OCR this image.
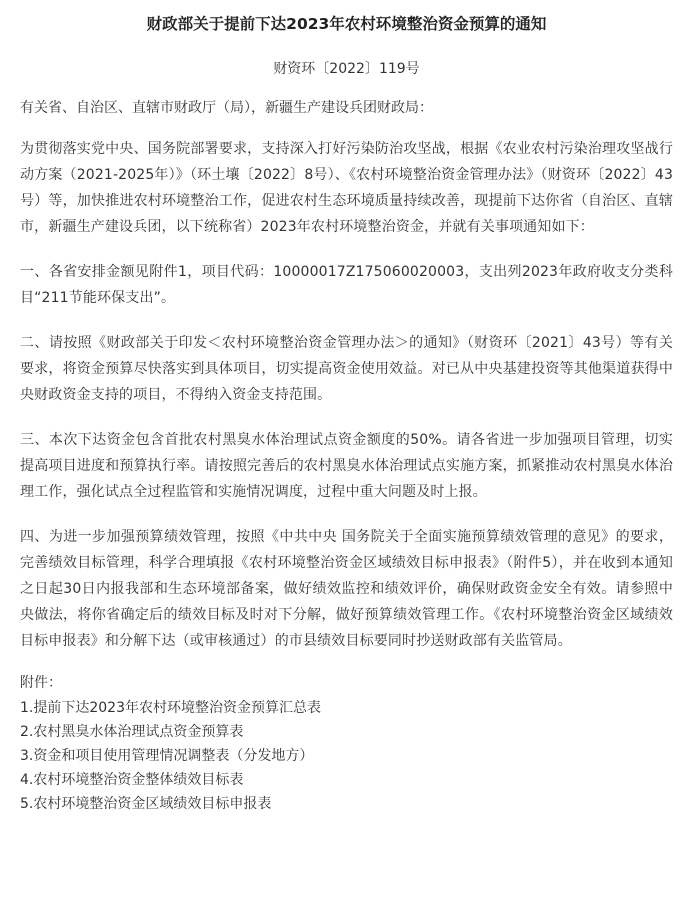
财政部关于提前下达2023年农村环境整治资金预算的通知

财资环〔2022〕119号

有关省、自治区、直辖市财政厅（局），新疆生产建设兵团财政局：

为贯彻落实党中央、国务院部署要求，支持深入打好污染防治攻坚战，根据《农业农村污染治理攻坚战行动方案（2021-2025年）》（环土壤〔2022〕8号）、《农村环境整治资金管理办法》（财资环〔2022〕43号）等，加快推进农村环境整治工作，促进农村生态环境质量持续改善，现提前下达你省（自治区、直辖市，新疆生产建设兵团，以下统称省）2023年农村环境整治资金，并就有关事项通知如下：

一、各省安排金额见附件1，项目代码：10000017Z175060020003，支出列2023年政府收支分类科目“211节能环保支出”。

二、请按照《财政部关于印发＜农村环境整治资金管理办法＞的通知》（财资环〔2021〕43号）等有关要求，将资金预算尽快落实到具体项目，切实提高资金使用效益。对已从中央基建投资等其他渠道获得中央财政资金支持的项目，不得纳入资金支持范围。

三、本次下达资金包含首批农村黑臭水体治理试点资金额度的50%。请各省进一步加强项目管理，切实提高项目进度和预算执行率。请按照完善后的农村黑臭水体治理试点实施方案，抓紧推动农村黑臭水体治理工作，强化试点全过程监管和实施情况调度，过程中重大问题及时上报。

四、为进一步加强预算绩效管理，按照《中共中央 国务院关于全面实施预算绩效管理的意见》的要求，完善绩效目标管理，科学合理填报《农村环境整治资金区域绩效目标申报表》（附件5），并在收到本通知之日起30日内报我部和生态环境部备案，做好绩效监控和绩效评价，确保财政资金安全有效。请参照中央做法，将你省确定后的绩效目标及时对下分解，做好预算绩效管理工作。《农村环境整治资金区域绩效目标申报表》和分解下达（或审核通过）的市县绩效目标要同时抄送财政部有关监管局。

附件：

1.提前下达2023年农村环境整治资金预算汇总表
2.农村黑臭水体治理试点资金预算表
3.资金和项目使用管理情况调整表（分发地方）
4.农村环境整治资金整体绩效目标表
5.农村环境整治资金区域绩效目标申报表
